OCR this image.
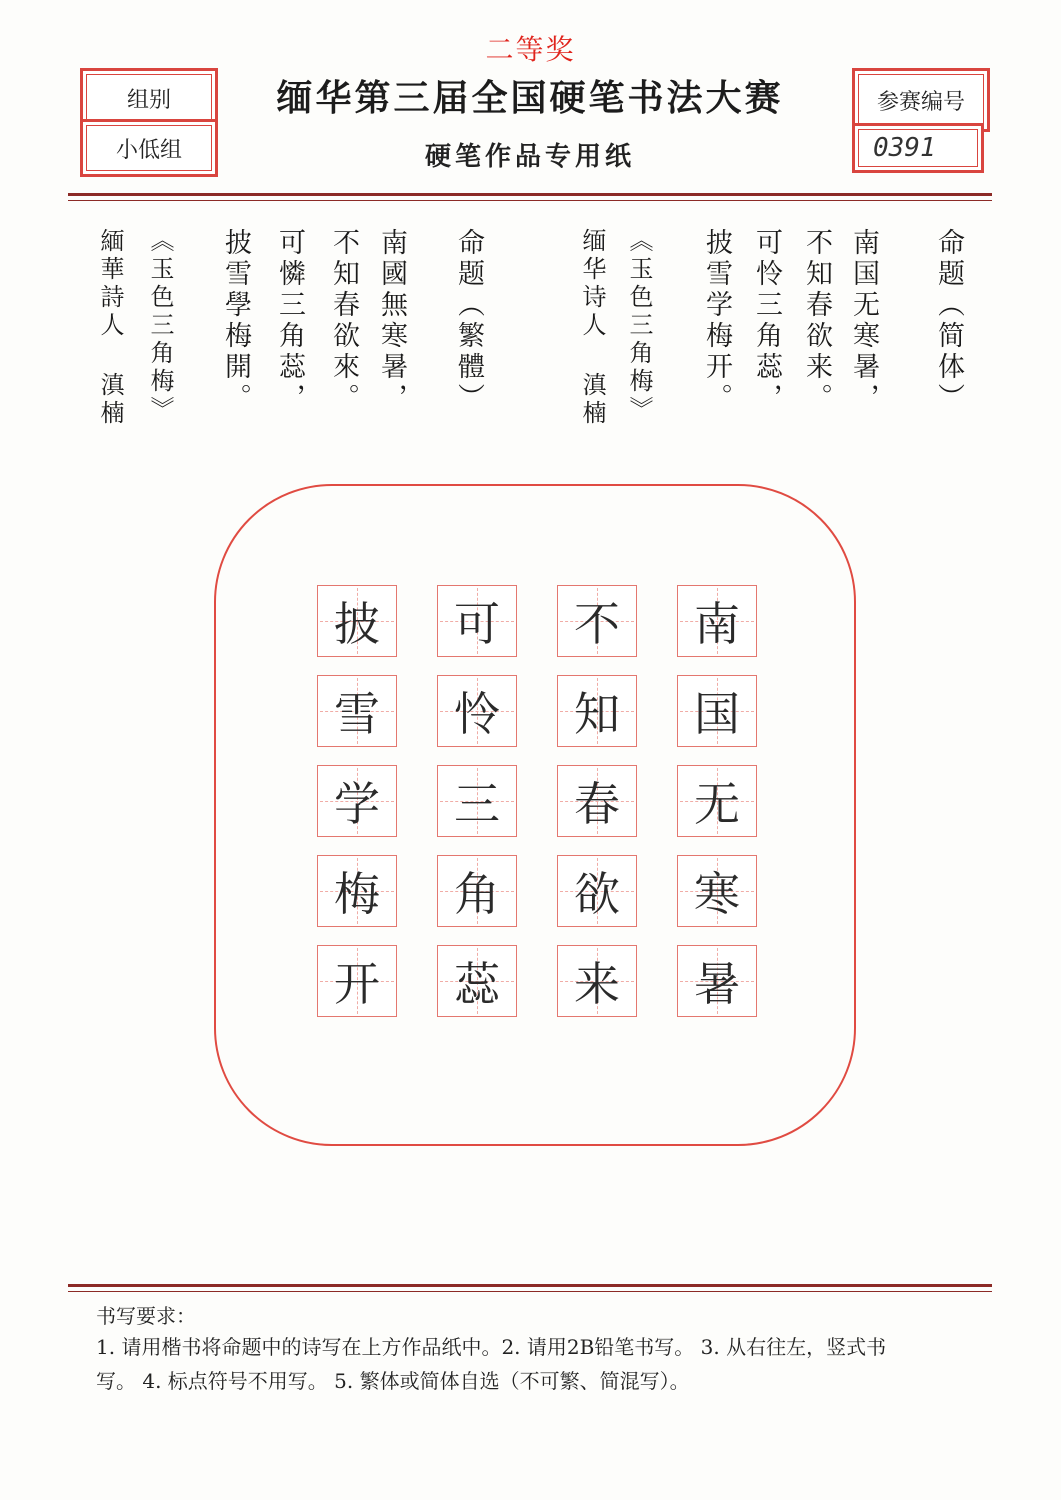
二等奖
组别
小低组
缅华第三届全国硬笔书法大赛
硬笔作品专用纸
参赛编号
0391
命题（简体）
南国无寒暑，
不知春欲来。
可怜三角蕊，
披雪学梅开。
《玉色三角梅》
缅华诗人 滇楠
命题（繁體）
南國無寒暑，
不知春欲來。
可憐三角蕊，
披雪學梅開。
《玉色三角梅》
緬華詩人 滇楠
南
国
无
寒
暑
不
知
春
欲
来
可
怜
三
角
蕊
披
雪
学
梅
开
书写要求：
1. 请用楷书将命题中的诗写在上方作品纸中。2. 请用2B铅笔书写。 3. 从右往左，竖式书写。 4. 标点符号不用写。 5. 繁体或简体自选（不可繁、简混写）。
